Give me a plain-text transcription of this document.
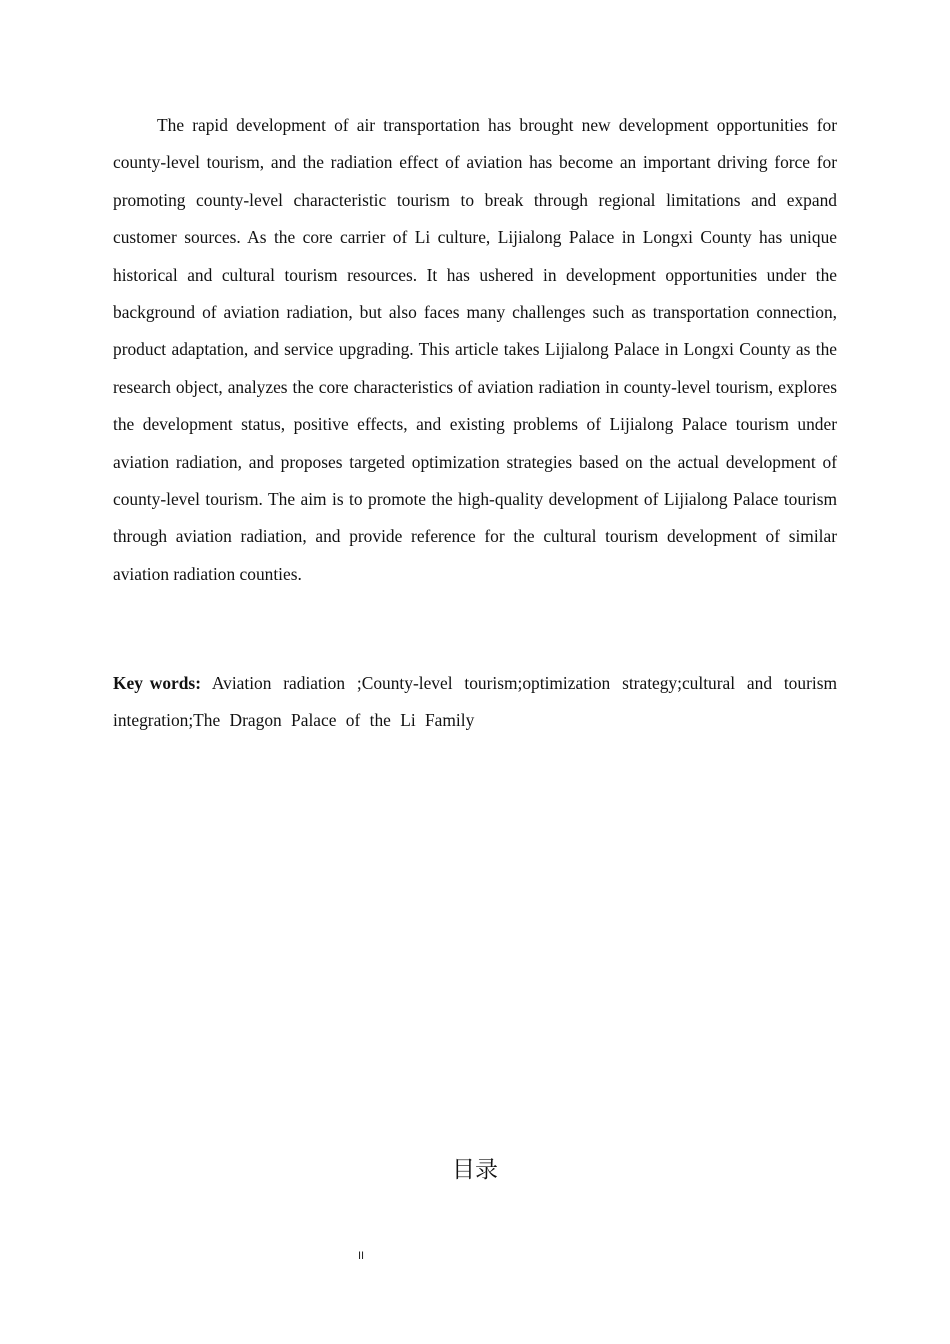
The rapid development of air transportation has brought new development opportunities for county-level tourism, and the radiation effect of aviation has become an important driving force for promoting county-level characteristic tourism to break through regional limitations and expand customer sources. As the core carrier of Li culture, Lijialong Palace in Longxi County has unique historical and cultural tourism resources. It has ushered in development opportunities under the background of aviation radiation, but also faces many challenges such as transportation connection, product adaptation, and service upgrading. This article takes Lijialong Palace in Longxi County as the research object, analyzes the core characteristics of aviation radiation in county-level tourism, explores the development status, positive effects, and existing problems of Lijialong Palace tourism under aviation radiation, and proposes targeted optimization strategies based on the actual development of county-level tourism. The aim is to promote the high-quality development of Lijialong Palace tourism through aviation radiation, and provide reference for the cultural tourism development of similar aviation radiation counties.

Key words: Aviation radiation ;County-level tourism;optimization strategy;cultural and tourism integration;The Dragon Palace of the Li Family

目录
II
